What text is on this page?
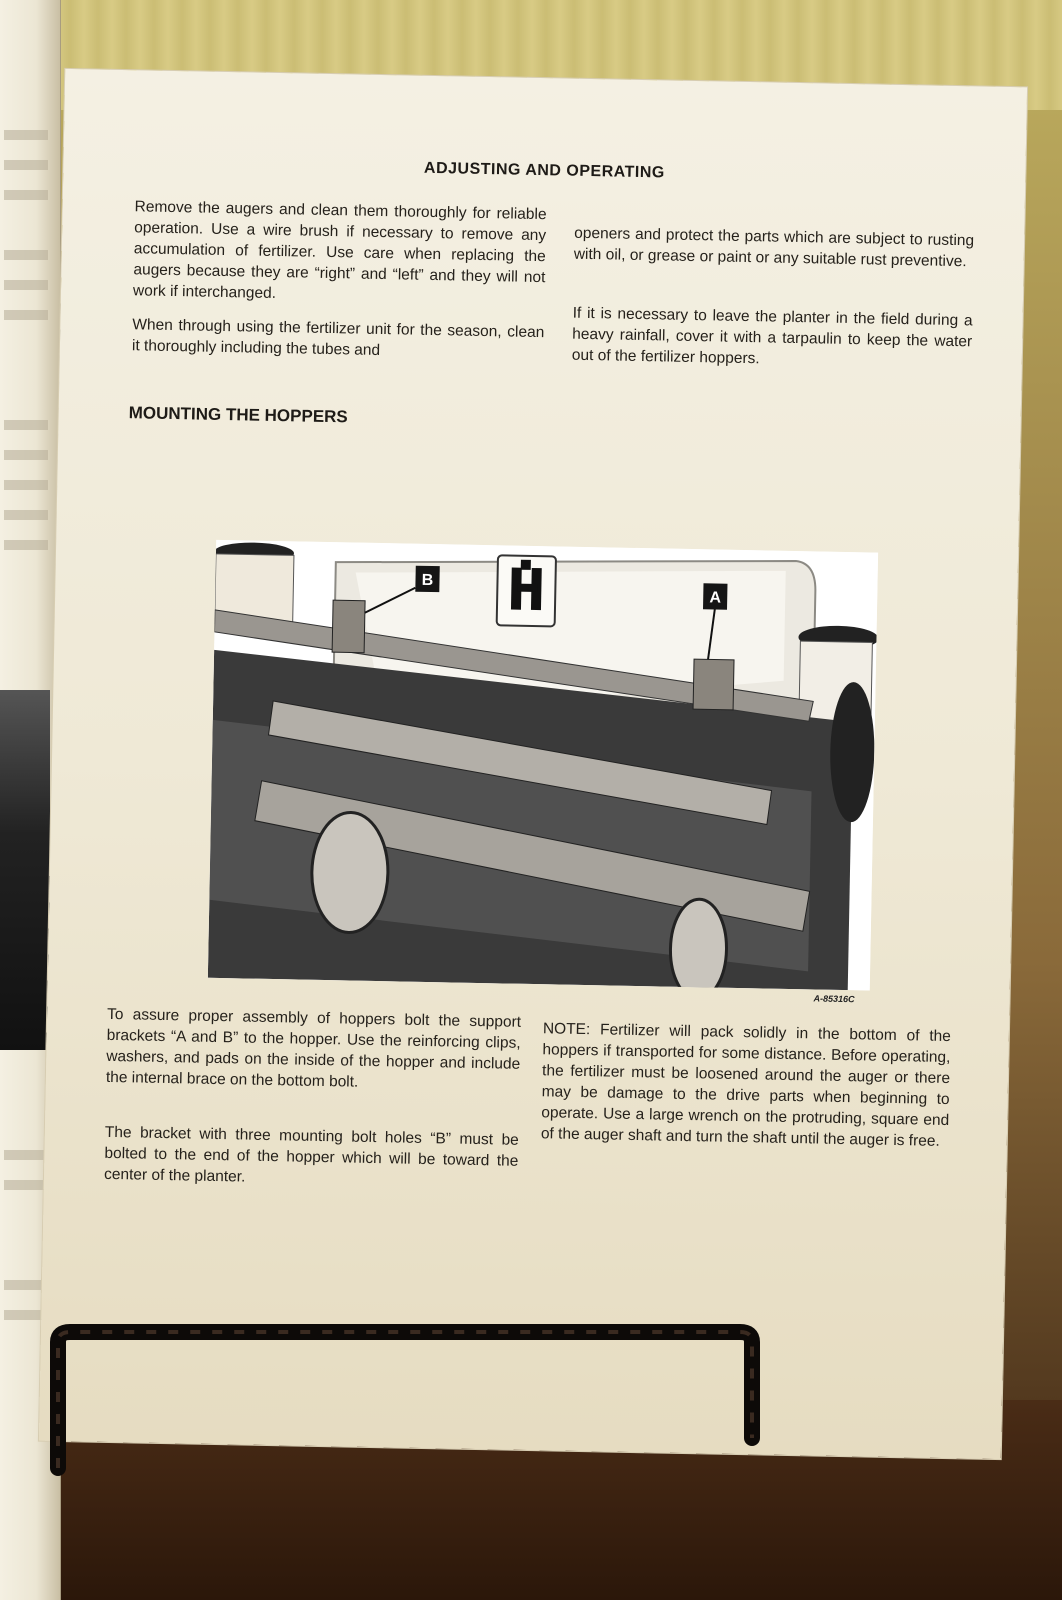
ADJUSTING AND OPERATING

Remove the augers and clean them thoroughly for reliable operation. Use a wire brush if necessary to remove any accumulation of fertilizer. Use care when replacing the augers because they are “right” and “left” and they will not work if interchanged.

When through using the fertilizer unit for the season, clean it thoroughly including the tubes and

openers and protect the parts which are subject to rusting with oil, or grease or paint or any suitable rust preventive.

If it is necessary to leave the planter in the field during a heavy rainfall, cover it with a tarpaulin to keep the water out of the fertilizer hoppers.

MOUNTING THE HOPPERS
B
A
A-85316C

To assure proper assembly of hoppers bolt the support brackets “A and B” to the hopper. Use the reinforcing clips, washers, and pads on the inside of the hopper and include the internal brace on the bottom bolt.

The bracket with three mounting bolt holes “B” must be bolted to the end of the hopper which will be toward the center of the planter.

NOTE: Fertilizer will pack solidly in the bottom of the hoppers if transported for some distance. Before operating, the fertilizer must be loosened around the auger or there may be damage to the drive parts when beginning to operate. Use a large wrench on the protruding, square end of the auger shaft and turn the shaft until the auger is free.
